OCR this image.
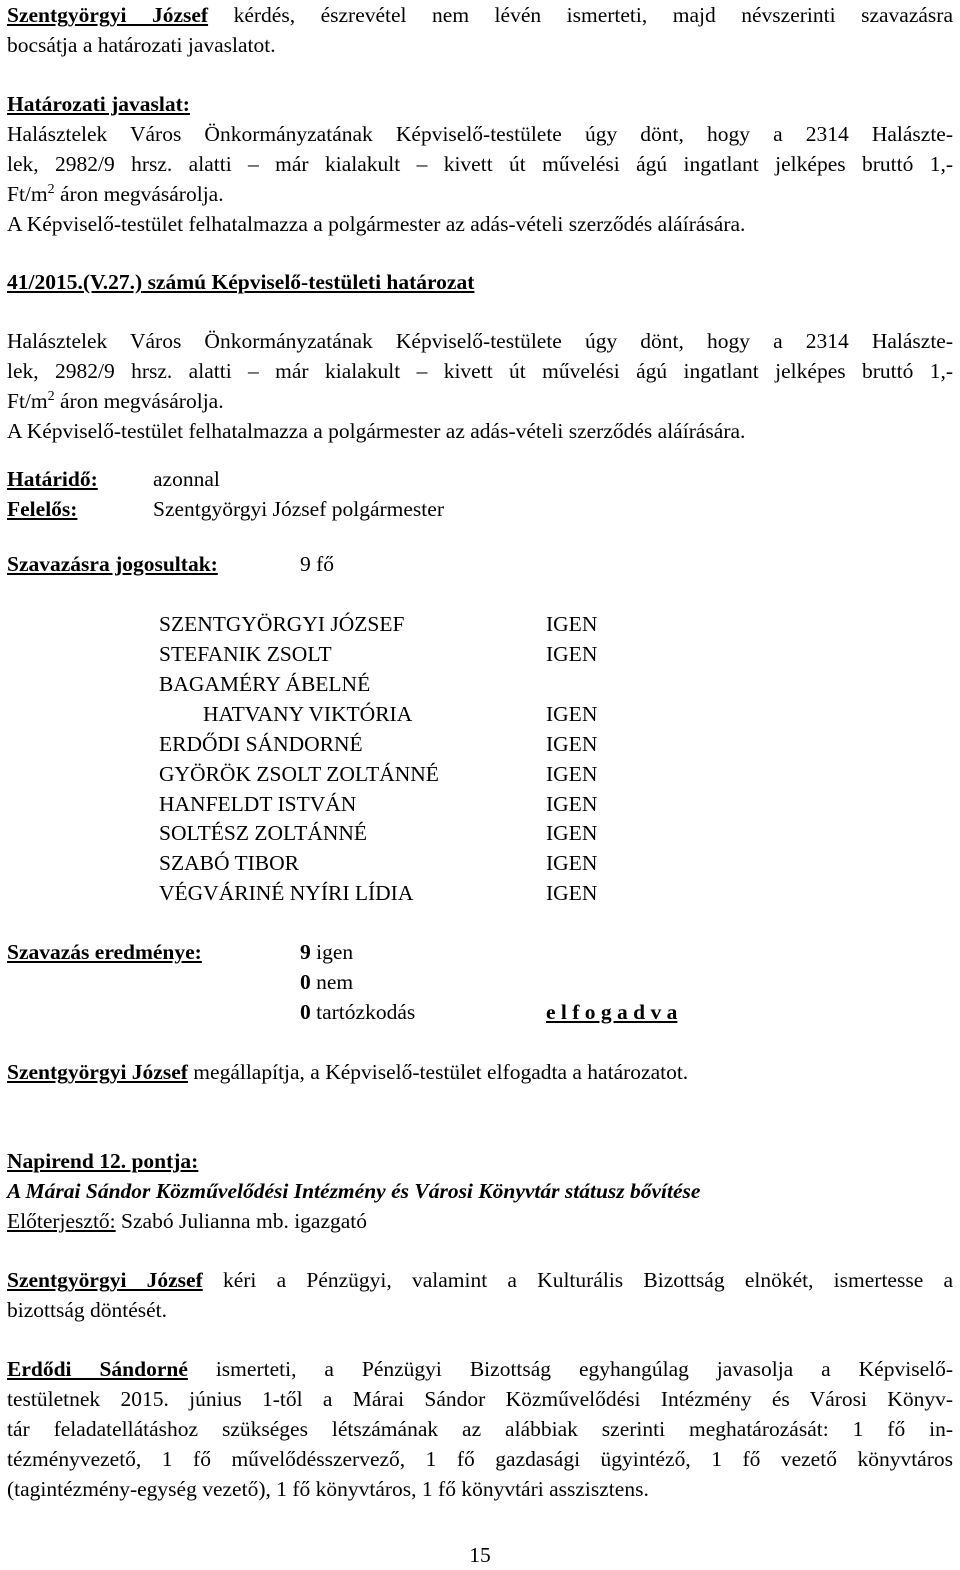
Szentgyörgyi József kérdés, észrevétel nem lévén ismerteti, majd névszerinti szavazásra

bocsátja a határozati javaslatot.

Határozati javaslat:

Halásztelek Város Önkormányzatának Képviselő-testülete úgy dönt, hogy a 2314 Halászte-

lek, 2982/9 hrsz. alatti – már kialakult – kivett út művelési ágú ingatlant jelképes bruttó 1,-

$Ft/m^2$ áron megvásárolja.

A Képviselő-testület felhatalmazza a polgármester az adás-vételi szerződés aláírására.

41/2015.(V.27.) számú Képviselő-testületi határozat

Halásztelek Város Önkormányzatának Képviselő-testülete úgy dönt, hogy a 2314 Halászte-

lek, 2982/9 hrsz. alatti – már kialakult – kivett út művelési ágú ingatlant jelképes bruttó 1,-

$Ft/m^2$ áron megvásárolja.

A Képviselő-testület felhatalmazza a polgármester az adás-vételi szerződés aláírására.

Határidő:	azonnal
Felelős:	Szentgyörgyi József polgármester
Szavazásra jogosultak:	9 fő
SZENTGYÖRGYI JÓZSEF	IGEN
STEFANIK ZSOLT	IGEN
BAGAMÉRY ÁBELNÉ
HATVANY VIKTÓRIA	IGEN
ERDŐDI SÁNDORNÉ	IGEN
GYÖRÖK ZSOLT ZOLTÁNNÉ	IGEN
HANFELDT ISTVÁN	IGEN
SOLTÉSZ ZOLTÁNNÉ	IGEN
SZABÓ TIBOR	IGEN
VÉGVÁRINÉ NYÍRI LÍDIA	IGEN
Szavazás eredménye:	9 igen
0 nem
0 tartózkodás	e l f o g a d v a

Szentgyörgyi József megállapítja, a Képviselő-testület elfogadta a határozatot.

Napirend 12. pontja:

A Márai Sándor Közművelődési Intézmény és Városi Könyvtár státusz bővítése

Előterjesztő: Szabó Julianna mb. igazgató

Szentgyörgyi József kéri a Pénzügyi, valamint a Kulturális Bizottság elnökét, ismertesse a

bizottság döntését.

Erdődi Sándorné ismerteti, a Pénzügyi Bizottság egyhangúlag javasolja a Képviselő-

testületnek 2015. június 1-től a Márai Sándor Közművelődési Intézmény és Városi Könyv-

tár feladatellátáshoz szükséges létszámának az alábbiak szerinti meghatározását: 1 fő in-

tézményvezető, 1 fő művelődésszervező, 1 fő gazdasági ügyintéző, 1 fő vezető könyvtáros

(tagintézmény-egység vezető), 1 fő könyvtáros, 1 fő könyvtári asszisztens.

15
